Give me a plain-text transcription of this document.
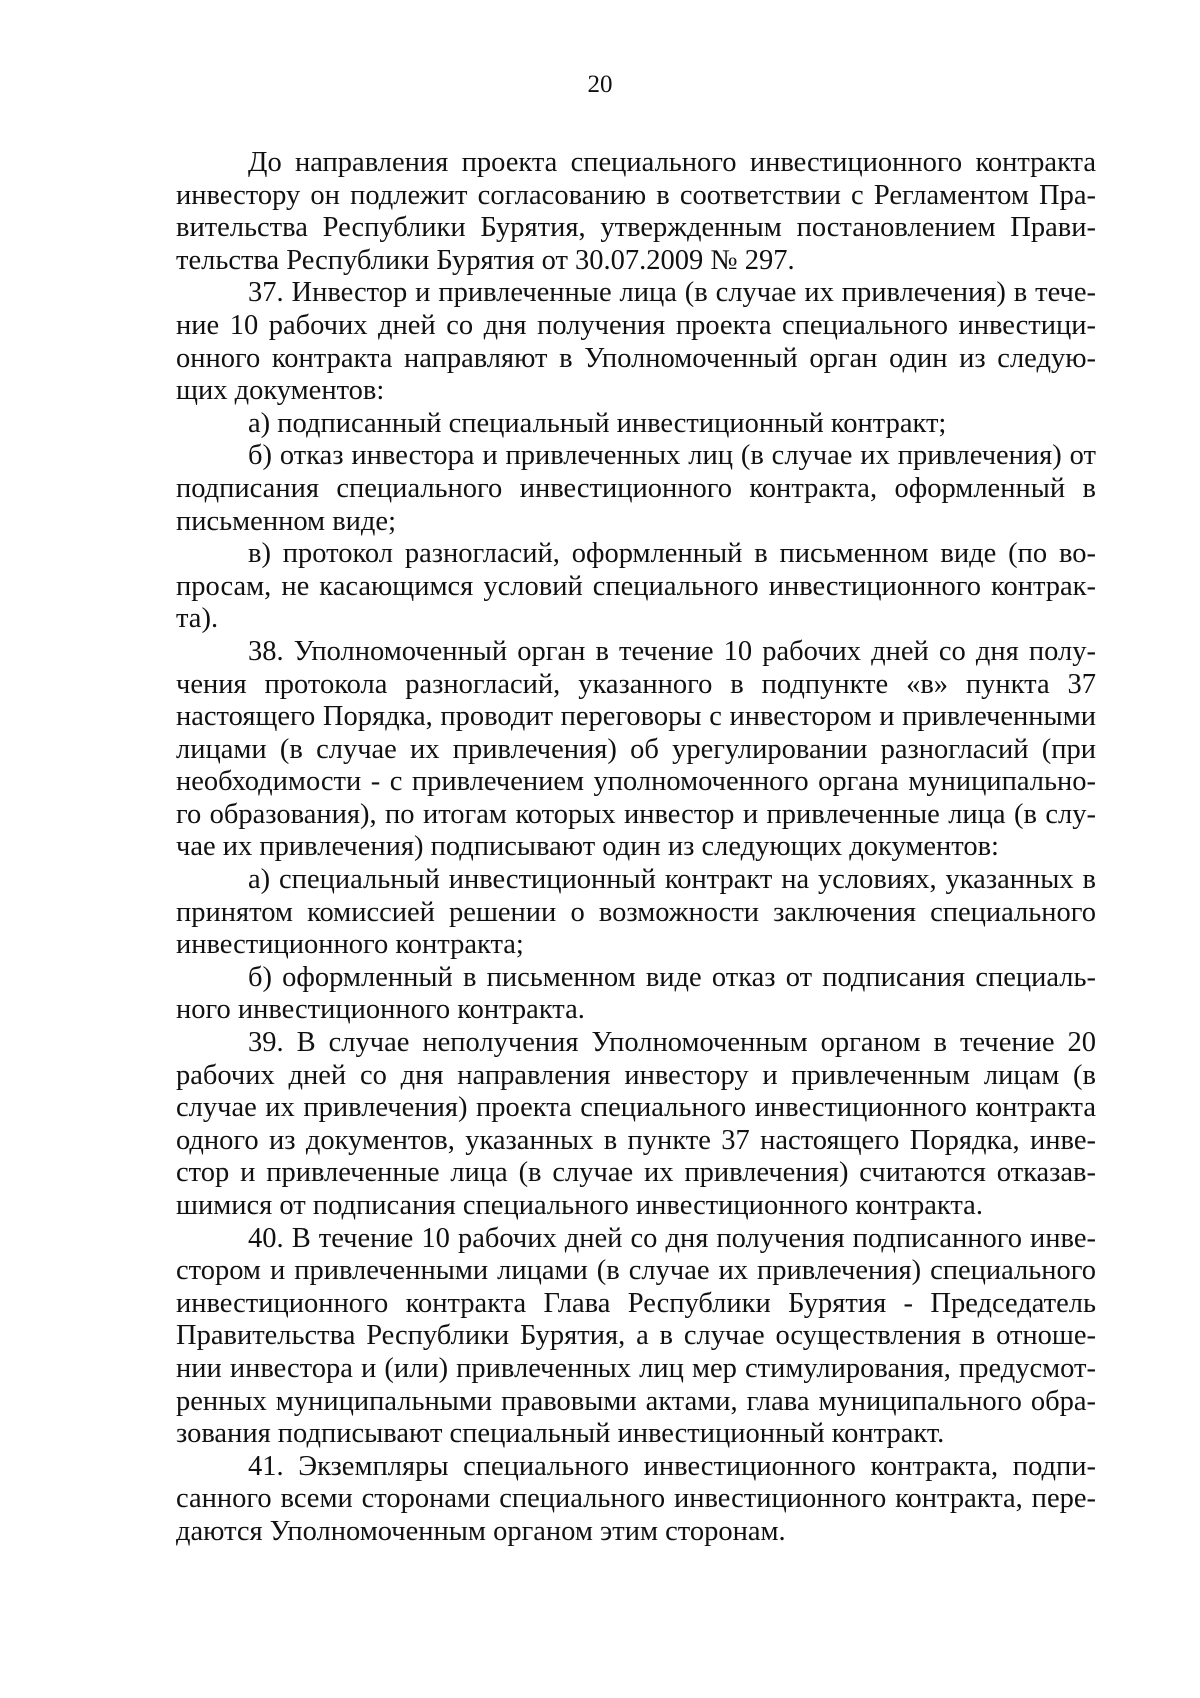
20

До направления проекта специального инвестиционного контракта инвестору он подлежит согласованию в соответствии с Регламентом Правительства Республики Бурятия, утвержденным постановлением Правительства Республики Бурятия от 30.07.2009 № 297.

37. Инвестор и привлеченные лица (в случае их привлечения) в течение 10 рабочих дней со дня получения проекта специального инвестиционного контракта направляют в Уполномоченный орган один из следующих документов:

а) подписанный специальный инвестиционный контракт;

б) отказ инвестора и привлеченных лиц (в случае их привлечения) от подписания специального инвестиционного контракта, оформленный в письменном виде;

в) протокол разногласий, оформленный в письменном виде (по вопросам, не касающимся условий специального инвестиционного контракта).

38. Уполномоченный орган в течение 10 рабочих дней со дня получения протокола разногласий, указанного в подпункте «в» пункта 37 настоящего Порядка, проводит переговоры с инвестором и привлеченными лицами (в случае их привлечения) об урегулировании разногласий (при необходимости - с привлечением уполномоченного органа муниципального образования), по итогам которых инвестор и привлеченные лица (в случае их привлечения) подписывают один из следующих документов:

а) специальный инвестиционный контракт на условиях, указанных в принятом комиссией решении о возможности заключения специального инвестиционного контракта;

б) оформленный в письменном виде отказ от подписания специального инвестиционного контракта.

39. В случае неполучения Уполномоченным органом в течение 20 рабочих дней со дня направления инвестору и привлеченным лицам (в случае их привлечения) проекта специального инвестиционного контракта одного из документов, указанных в пункте 37 настоящего Порядка, инвестор и привлеченные лица (в случае их привлечения) считаются отказавшимися от подписания специального инвестиционного контракта.

40. В течение 10 рабочих дней со дня получения подписанного инвестором и привлеченными лицами (в случае их привлечения) специального инвестиционного контракта Глава Республики Бурятия - Председатель Правительства Республики Бурятия, а в случае осуществления в отношении инвестора и (или) привлеченных лиц мер стимулирования, предусмотренных муниципальными правовыми актами, глава муниципального образования подписывают специальный инвестиционный контракт.

41. Экземпляры специального инвестиционного контракта, подписанного всеми сторонами специального инвестиционного контракта, передаются Уполномоченным органом этим сторонам.
